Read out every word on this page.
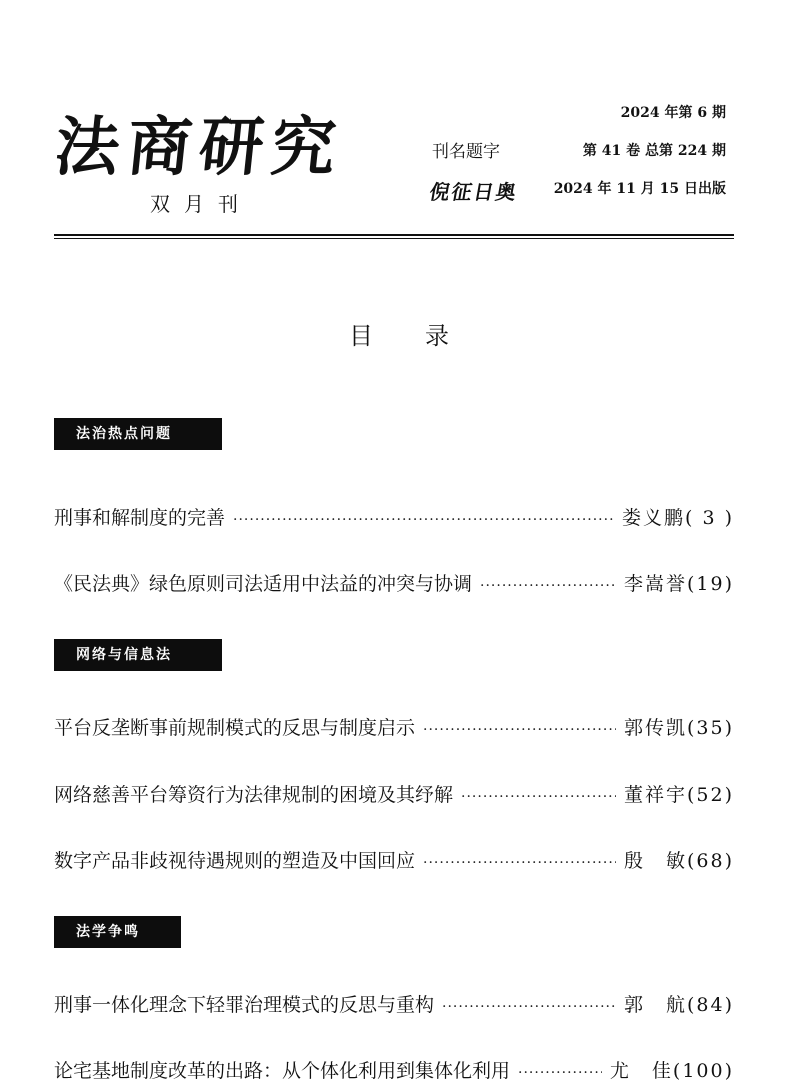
法商研究
双月刊
刊名题字
倪征日奥
2024 年第 6 期
第 41 卷 总第 224 期
2024 年 11 月 15 日出版
目录
法治热点问题
刑事和解制度的完善 ·····	娄义鹏 ( 3 )
《民法典》绿色原则司法适用中法益的冲突与协调 ·····	李嵩誉 ( 19 )
网络与信息法
平台反垄断事前规制模式的反思与制度启示 ·····	郭传凯 ( 35 )
网络慈善平台筹资行为法律规制的困境及其纾解 ·····	董祥宇 ( 52 )
数字产品非歧视待遇规则的塑造及中国回应 ·····	殷　敏 ( 68 )
法学争鸣
刑事一体化理念下轻罪治理模式的反思与重构 ·····	郭　航 ( 84 )
论宅基地制度改革的出路：从个体化利用到集体化利用 ·····	尤　佳 ( 100 )
